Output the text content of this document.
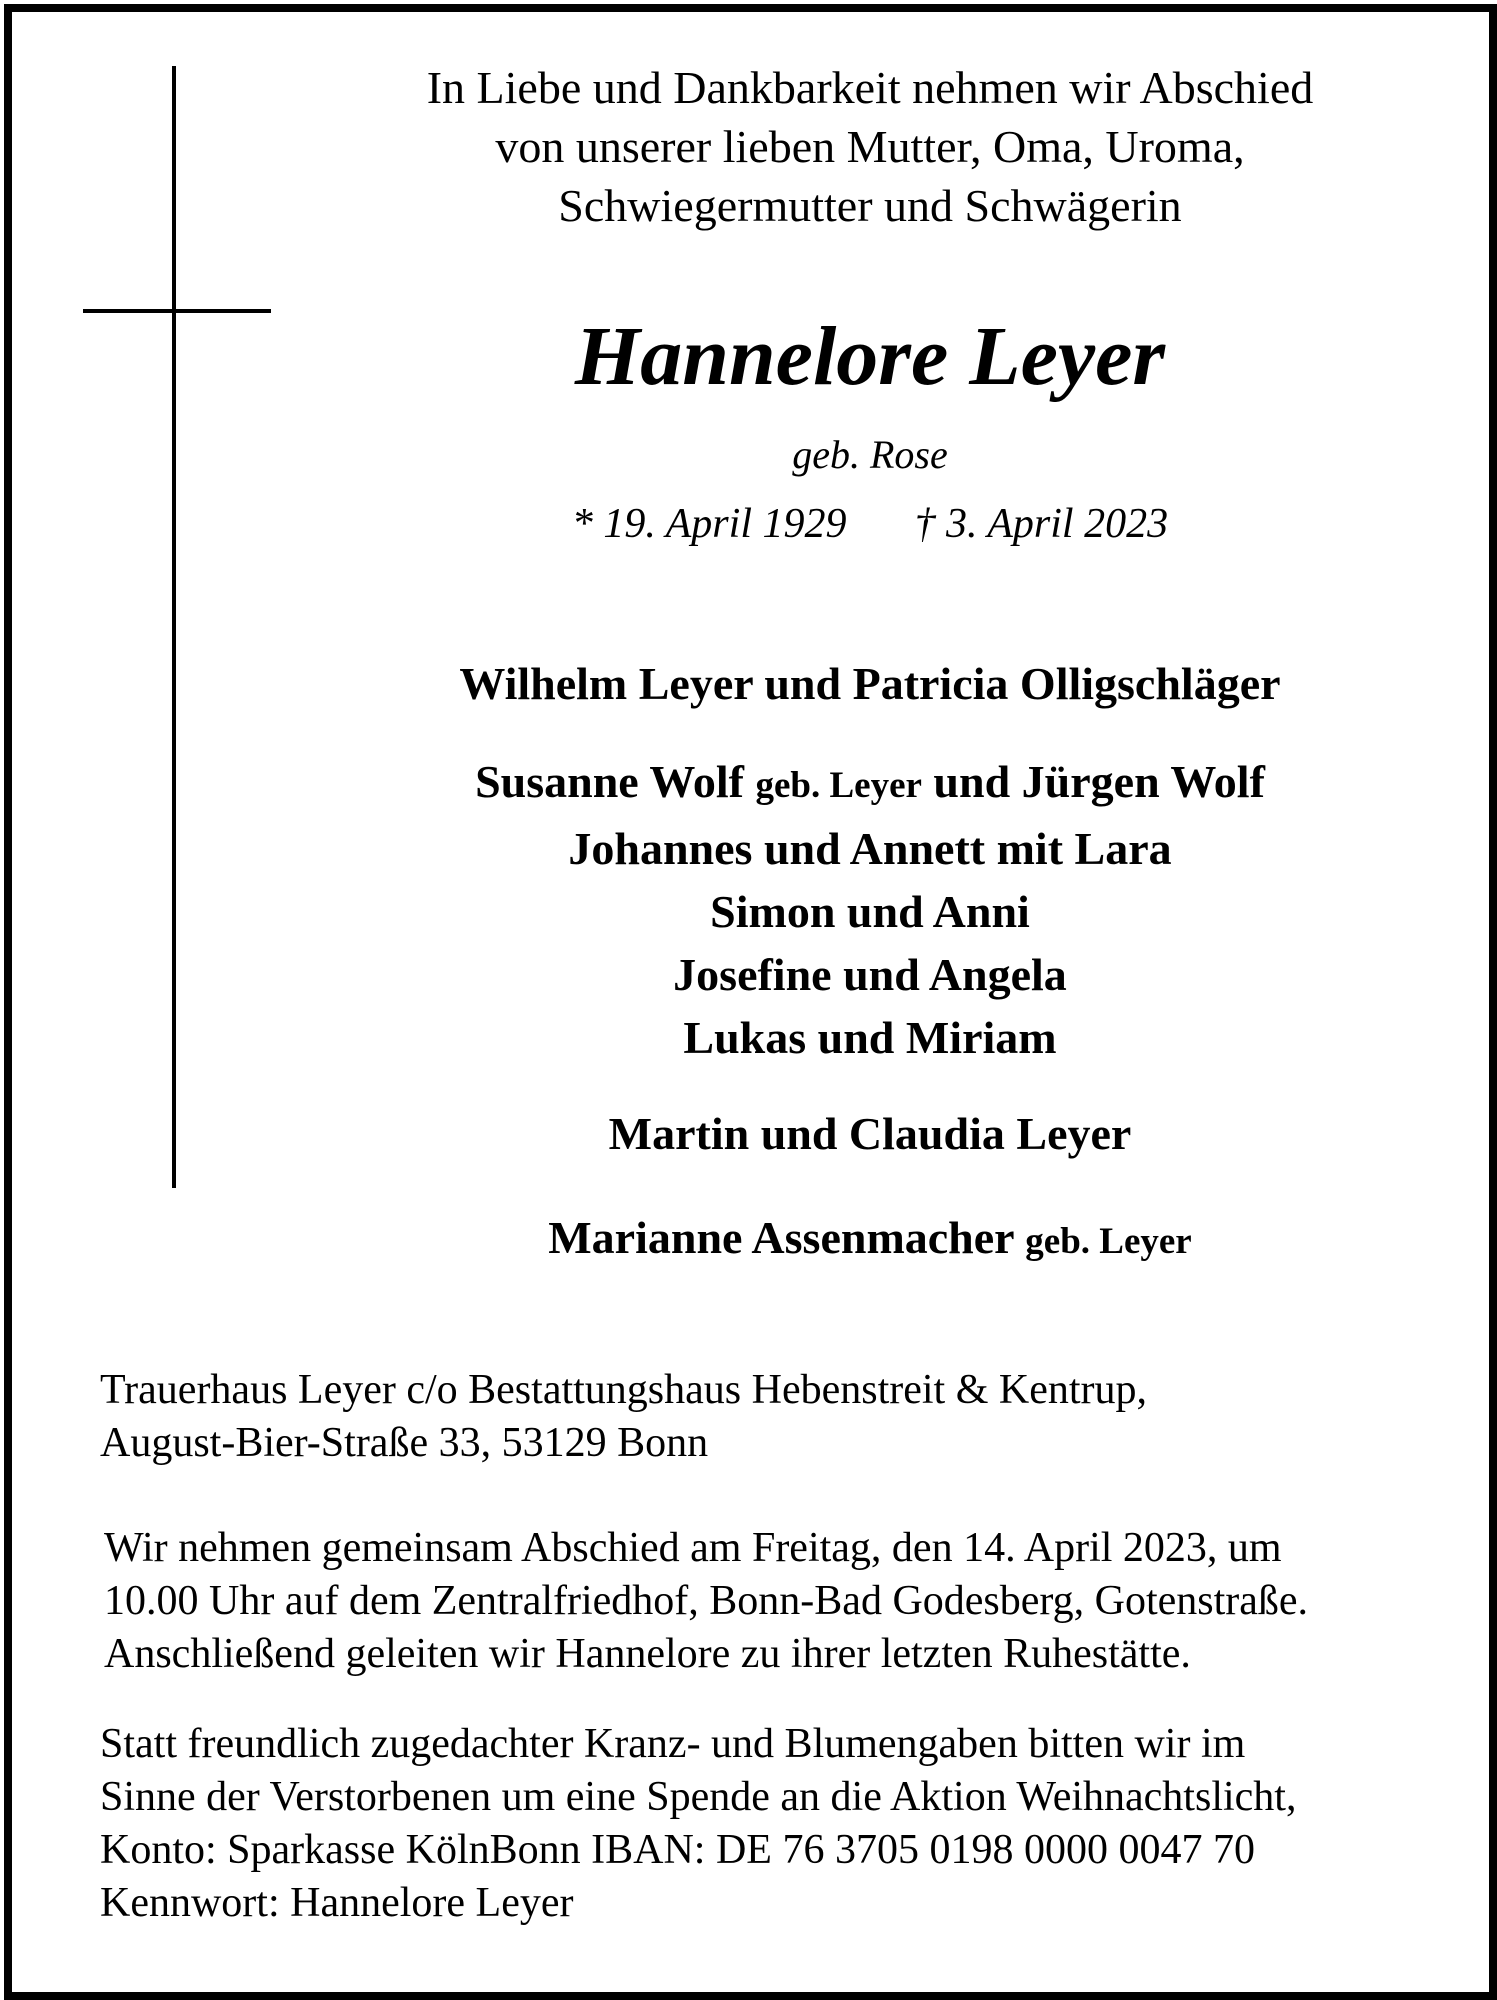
In Liebe und Dankbarkeit nehmen wir Abschied
von unserer lieben Mutter, Oma, Uroma,
Schwiegermutter und Schwägerin
Hannelore Leyer
geb. Rose
* 19. April 1929 † 3. April 2023
Wilhelm Leyer und Patricia Olligschläger
Susanne Wolf geb. Leyer und Jürgen Wolf
Johannes und Annett mit Lara
Simon und Anni
Josefine und Angela
Lukas und Miriam
Martin und Claudia Leyer
Marianne Assenmacher geb. Leyer
Trauerhaus Leyer c/o Bestattungshaus Hebenstreit & Kentrup,
August-Bier-Straße 33, 53129 Bonn
Wir nehmen gemeinsam Abschied am Freitag, den 14. April 2023, um
10.00 Uhr auf dem Zentralfriedhof, Bonn-Bad Godesberg, Gotenstraße.
Anschließend geleiten wir Hannelore zu ihrer letzten Ruhestätte.
Statt freundlich zugedachter Kranz- und Blumengaben bitten wir im
Sinne der Verstorbenen um eine Spende an die Aktion Weihnachtslicht,
Konto: Sparkasse KölnBonn IBAN: DE 76 3705 0198 0000 0047 70
Kennwort: Hannelore Leyer
